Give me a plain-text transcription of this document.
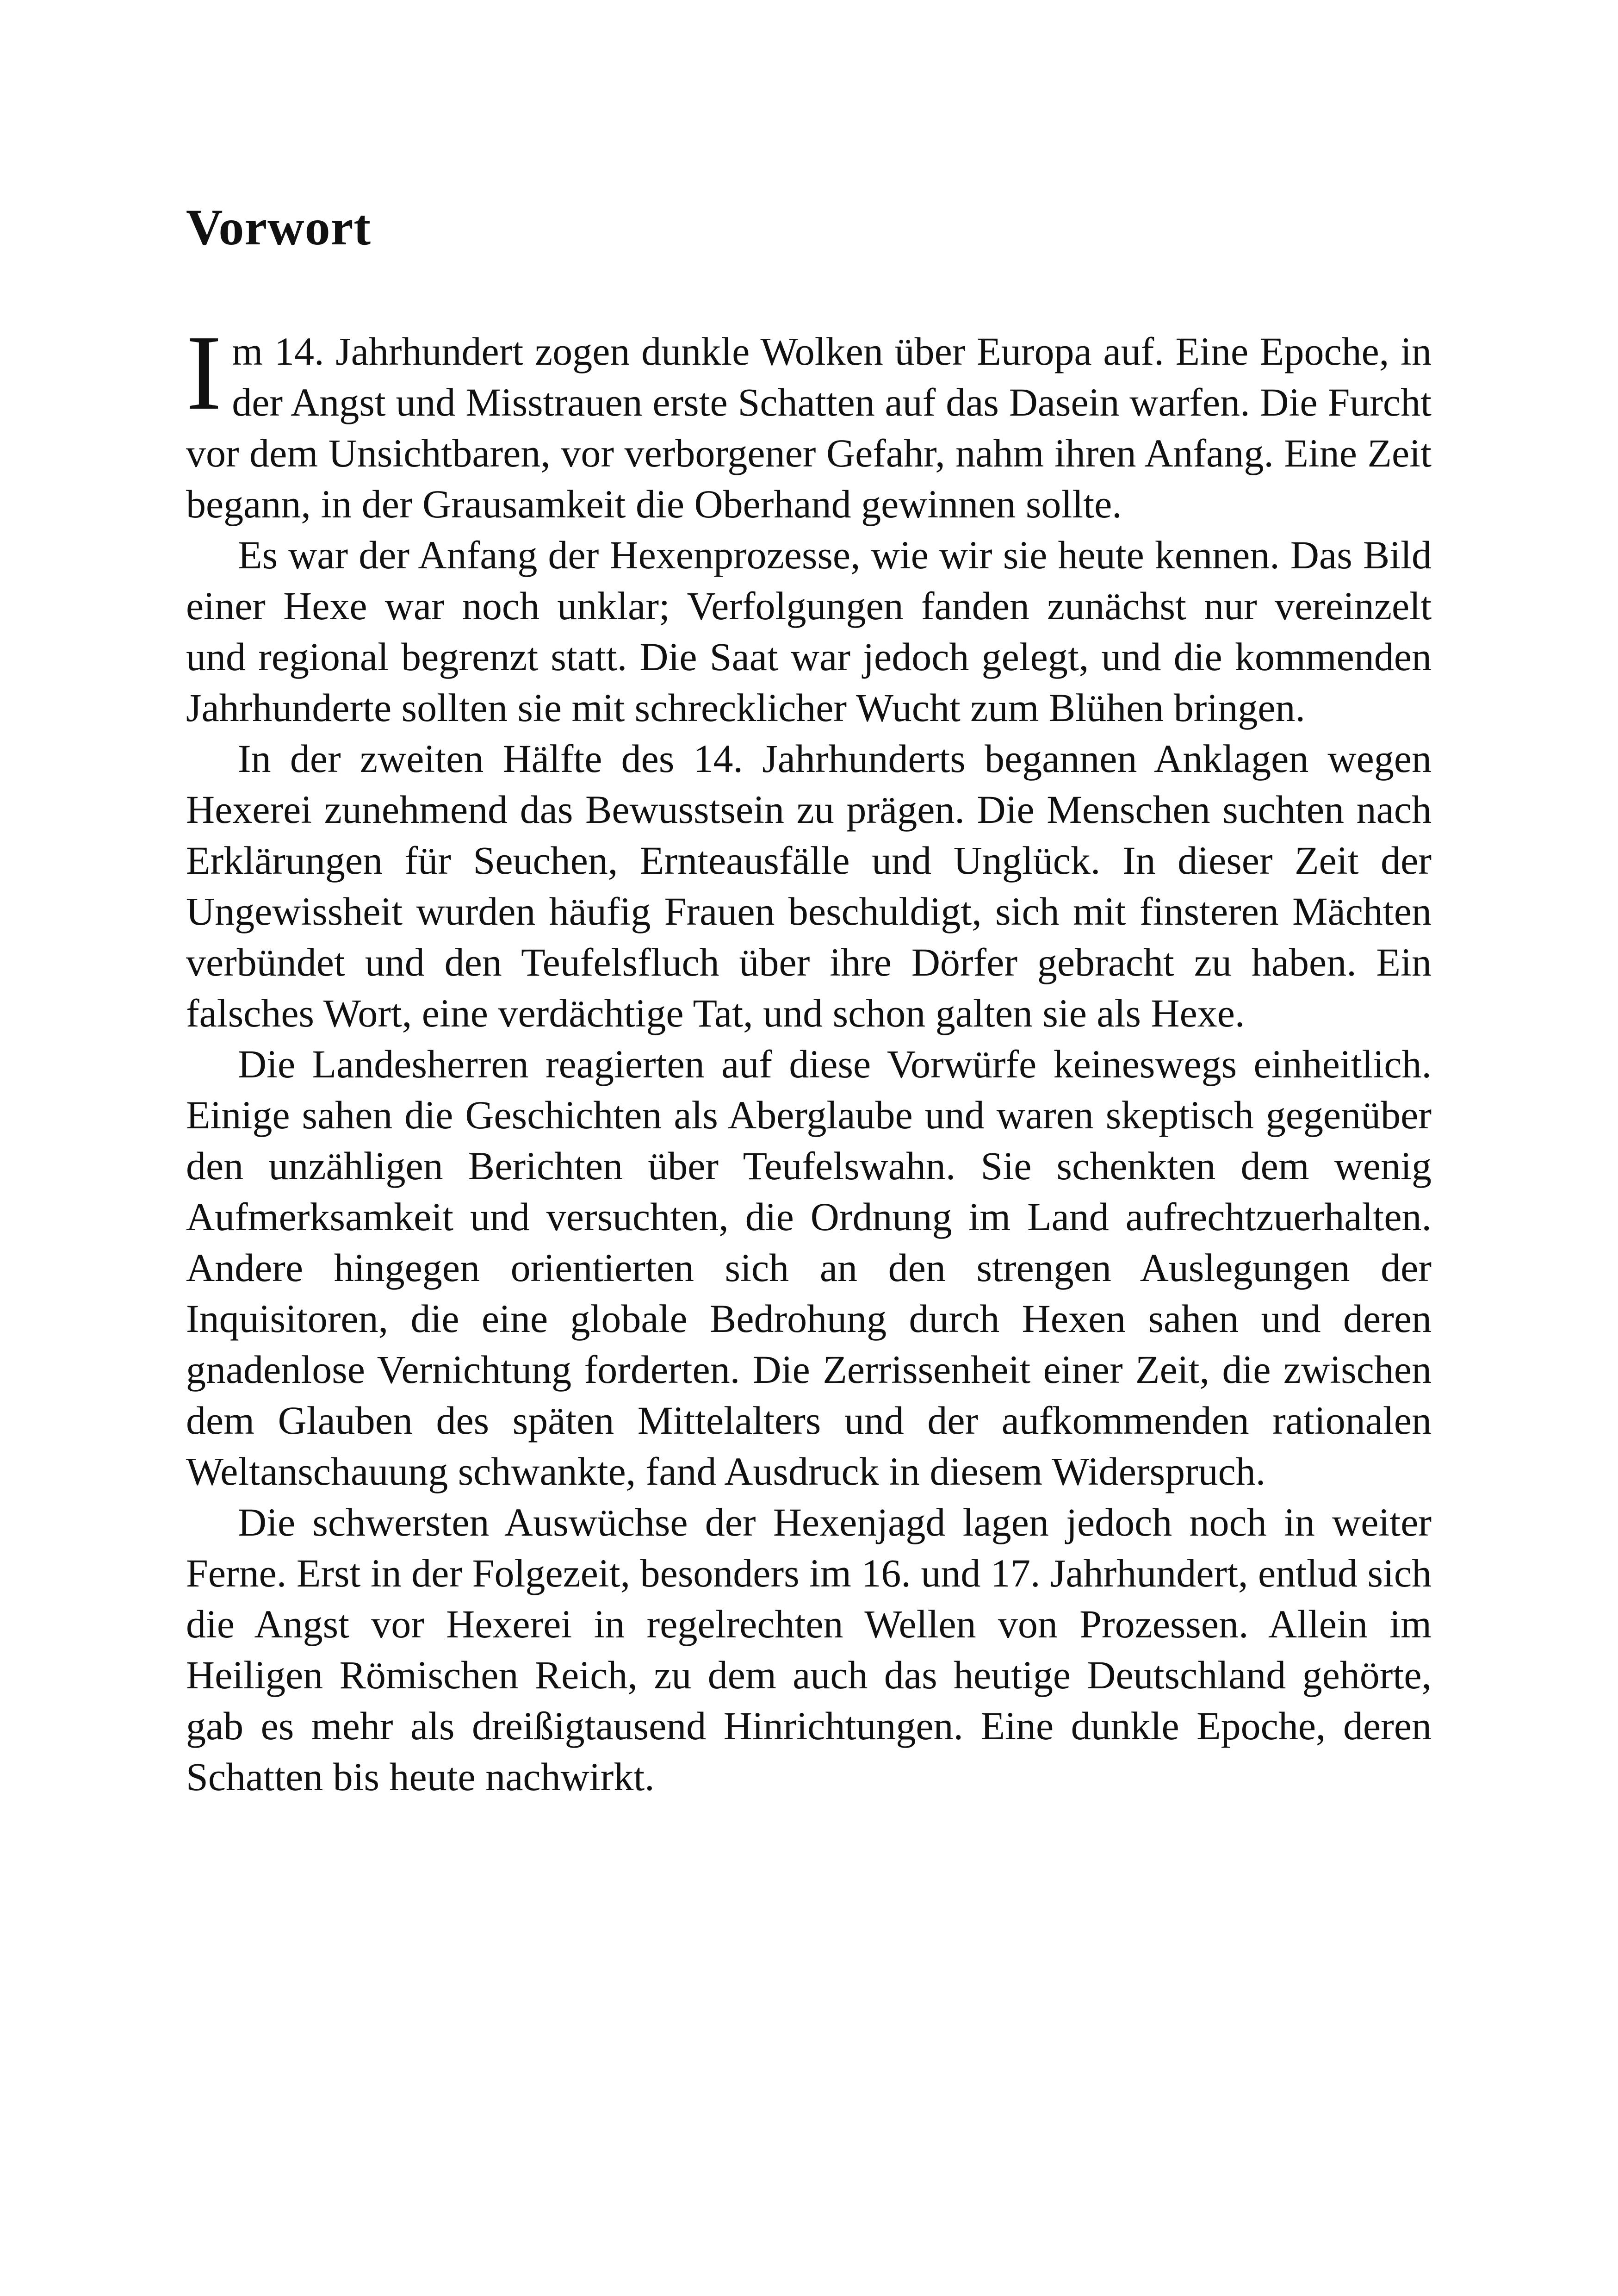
Vorwort

Im 14. Jahrhundert zogen dunkle Wolken über Europa auf. Eine Epoche, in der Angst und Misstrauen erste Schatten auf das Dasein warfen. Die Furcht vor dem Unsichtbaren, vor verborgener Gefahr, nahm ihren Anfang. Eine Zeit begann, in der Grausamkeit die Oberhand gewinnen sollte.

Es war der Anfang der Hexenprozesse, wie wir sie heute kennen. Das Bild einer Hexe war noch unklar; Verfolgungen fanden zunächst nur vereinzelt und regional begrenzt statt. Die Saat war jedoch gelegt, und die kommenden Jahrhunderte sollten sie mit schrecklicher Wucht zum Blühen bringen.

In der zweiten Hälfte des 14. Jahrhunderts begannen Anklagen wegen Hexerei zunehmend das Bewusstsein zu prägen. Die Menschen suchten nach Erklärungen für Seuchen, Ernteausfälle und Unglück. In dieser Zeit der Ungewissheit wurden häufig Frauen beschuldigt, sich mit finsteren Mächten verbündet und den Teufelsfluch über ihre Dörfer gebracht zu haben. Ein falsches Wort, eine verdächtige Tat, und schon galten sie als Hexe.

Die Landesherren reagierten auf diese Vorwürfe keineswegs einheitlich. Einige sahen die Geschichten als Aberglaube und waren skeptisch gegenüber den unzähligen Berichten über Teufelswahn. Sie schenkten dem wenig Aufmerksamkeit und versuchten, die Ordnung im Land aufrechtzuerhalten. Andere hingegen orientierten sich an den strengen Auslegungen der Inquisitoren, die eine globale Bedrohung durch Hexen sahen und deren gnadenlose Vernichtung forderten. Die Zerrissenheit einer Zeit, die zwischen dem Glauben des späten Mittelalters und der aufkommenden rationalen Weltanschauung schwankte, fand Ausdruck in diesem Widerspruch.

Die schwersten Auswüchse der Hexenjagd lagen jedoch noch in weiter Ferne. Erst in der Folgezeit, besonders im 16. und 17. Jahrhundert, entlud sich die Angst vor Hexerei in regelrechten Wellen von Prozessen. Allein im Heiligen Römischen Reich, zu dem auch das heutige Deutschland gehörte, gab es mehr als dreißigtausend Hinrichtungen. Eine dunkle Epoche, deren Schatten bis heute nachwirkt.
